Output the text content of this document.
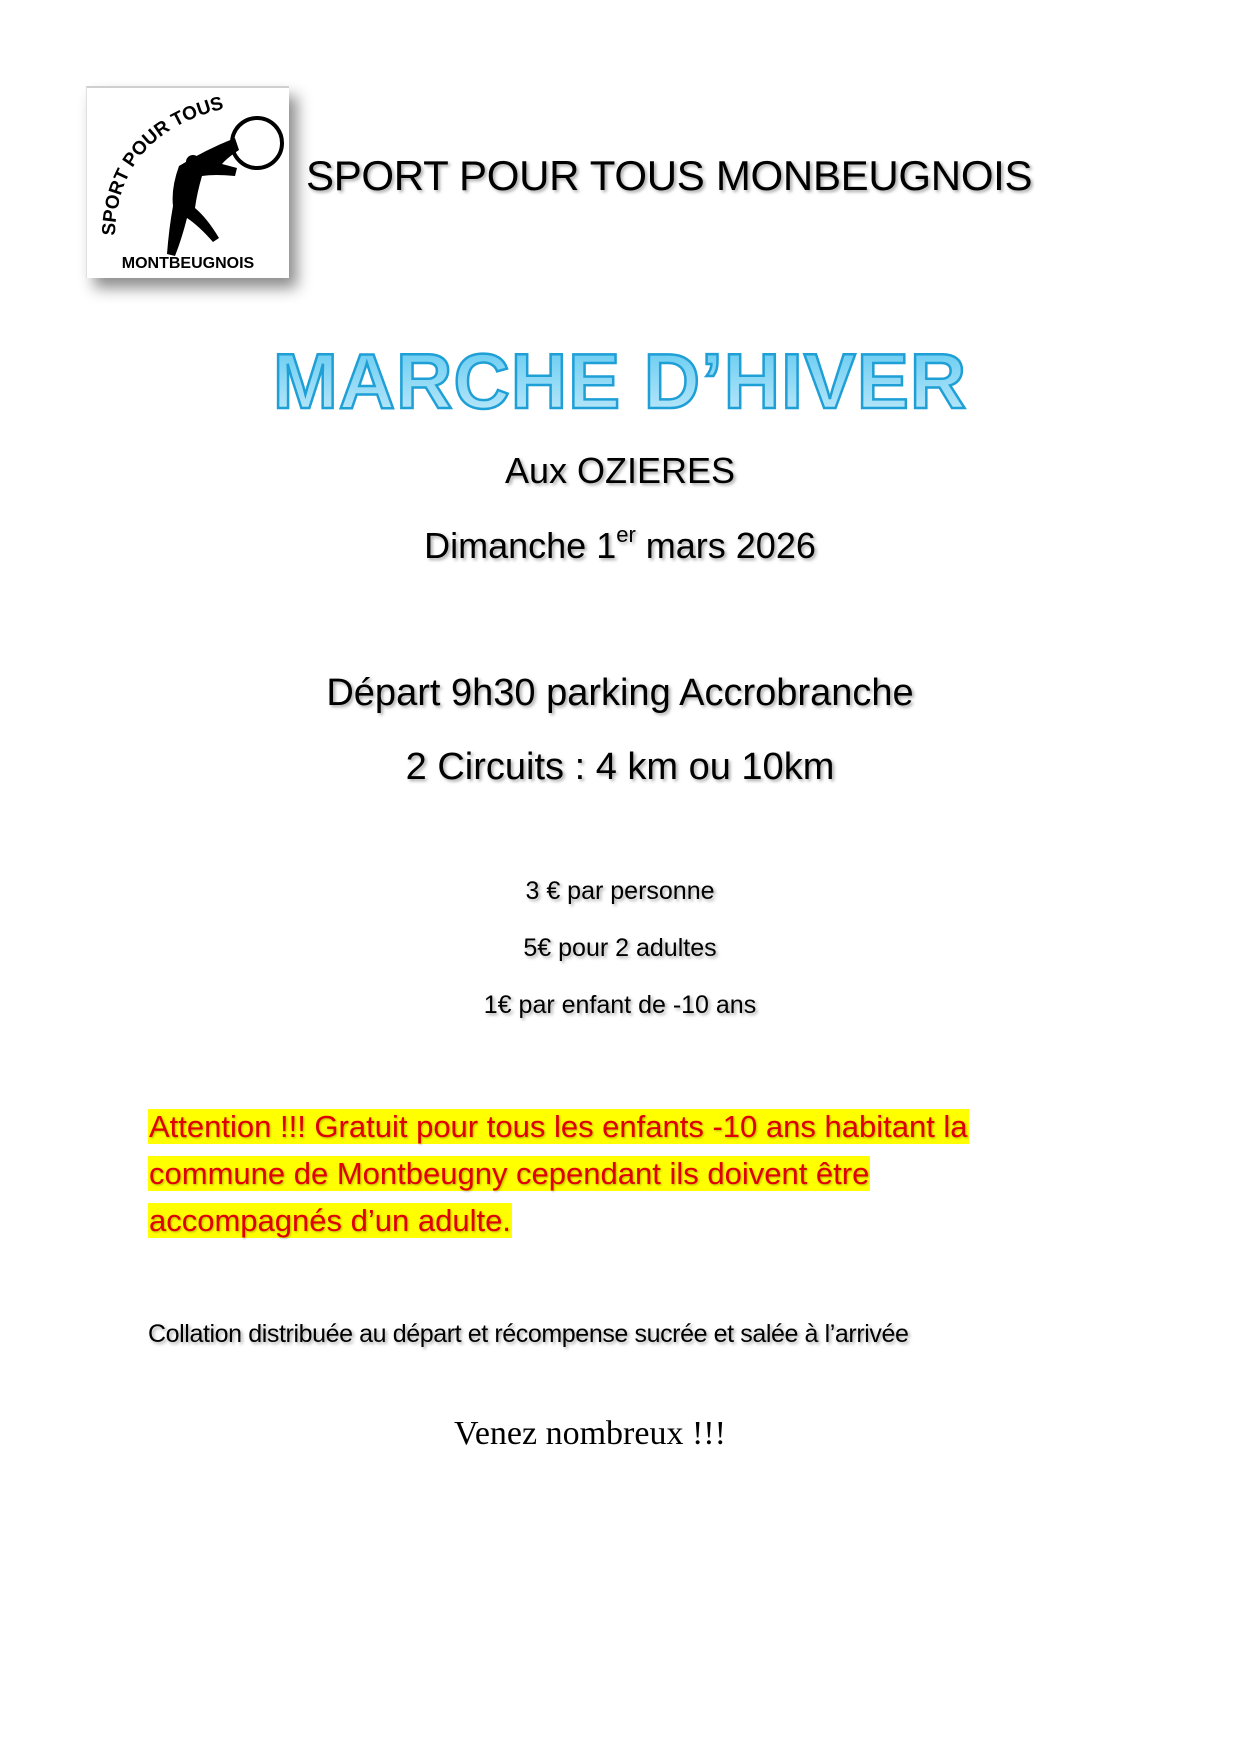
SPORT POUR TOUS
MONTBEUGNOIS
SPORT POUR TOUS MONBEUGNOIS
MARCHE D’HIVER
Aux OZIERES
Dimanche 1er mars 2026
Départ 9h30 parking Accrobranche
2 Circuits : 4 km ou 10km
3 € par personne
5€ pour 2 adultes
1€ par enfant de -10 ans
Attention !!! Gratuit pour tous les enfants -10 ans habitant la
commune de Montbeugny cependant ils doivent être
accompagnés d’un adulte.
Collation distribuée au départ et récompense sucrée et salée à l’arrivée
Venez nombreux !!!
